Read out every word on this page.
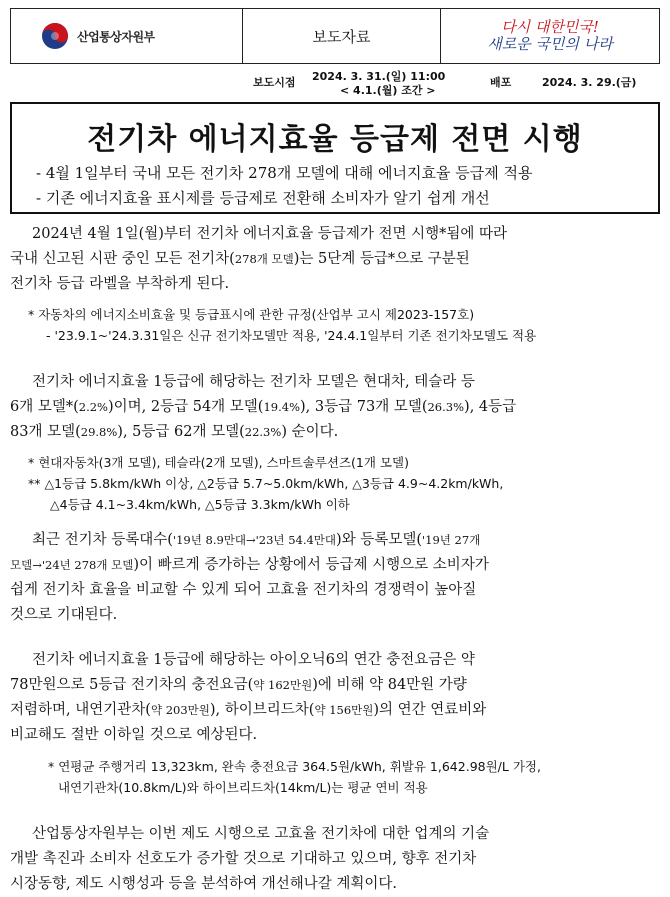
산업통상자원부	보도자료
다시 대한민국!
새로운 국민의 나라
보도시점 2024. 3. 31.(일) 11:00
< 4.1.(월) 조간 >
배포	2024. 3. 29.(금)
전기차 에너지효율 등급제 전면 시행
- 4월 1일부터 국내 모든 전기차 278개 모델에 대해 에너지효율 등급제 적용
- 기존 에너지효율 표시제를 등급제로 전환해 소비자가 알기 쉽게 개선
2024년 4월 1일(월)부터 전기차 에너지효율 등급제가 전면 시행*됨에 따라
국내 신고된 시판 중인 모든 전기차(278개 모델)는 5단계 등급*으로 구분된
전기차 등급 라벨을 부착하게 된다.
* 자동차의 에너지소비효율 및 등급표시에 관한 규정(산업부 고시 제2023-157호)
- '23.9.1~'24.3.31일은 신규 전기차모델만 적용, '24.4.1일부터 기존 전기차모델도 적용
전기차 에너지효율 1등급에 해당하는 전기차 모델은 현대차, 테슬라 등
6개 모델*(2.2%)이며, 2등급 54개 모델(19.4%), 3등급 73개 모델(26.3%), 4등급
83개 모델(29.8%), 5등급 62개 모델(22.3%) 순이다.
* 현대자동차(3개 모델), 테슬라(2개 모델), 스마트솔루션즈(1개 모델)
** △1등급 5.8km/kWh 이상, △2등급 5.7~5.0km/kWh, △3등급 4.9~4.2km/kWh,
△4등급 4.1~3.4km/kWh, △5등급 3.3km/kWh 이하
최근 전기차 등록대수('19년 8.9만대→'23년 54.4만대)와 등록모델('19년 27개
모델→'24년 278개 모델)이 빠르게 증가하는 상황에서 등급제 시행으로 소비자가
쉽게 전기차 효율을 비교할 수 있게 되어 고효율 전기차의 경쟁력이 높아질
것으로 기대된다.
전기차 에너지효율 1등급에 해당하는 아이오닉6의 연간 충전요금은 약
78만원으로 5등급 전기차의 충전요금(약 162만원)에 비해 약 84만원 가량
저렴하며, 내연기관차(약 203만원), 하이브리드차(약 156만원)의 연간 연료비와
비교해도 절반 이하일 것으로 예상된다.
* 연평균 주행거리 13,323km, 완속 충전요금 364.5원/kWh, 휘발유 1,642.98원/L 가정,
내연기관차(10.8km/L)와 하이브리드차(14km/L)는 평균 연비 적용
산업통상자원부는 이번 제도 시행으로 고효율 전기차에 대한 업계의 기술
개발 촉진과 소비자 선호도가 증가할 것으로 기대하고 있으며, 향후 전기차
시장동향, 제도 시행성과 등을 분석하여 개선해나갈 계획이다.
